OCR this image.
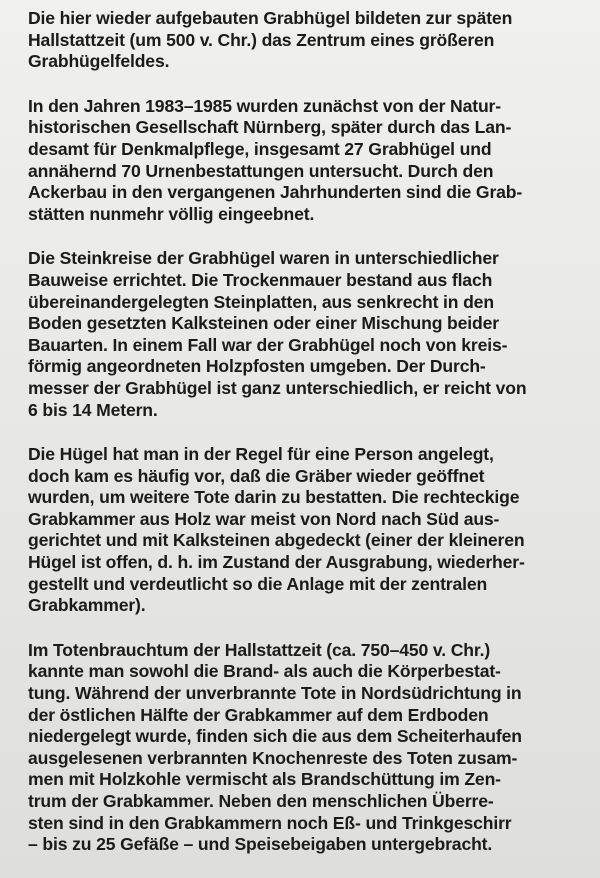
Die hier wieder aufgebauten Grabhügel bildeten zur späten
Hallstattzeit (um 500 v. Chr.) das Zentrum eines größeren
Grabhügelfeldes.
In den Jahren 1983–1985 wurden zunächst von der Natur-
historischen Gesellschaft Nürnberg, später durch das Lan-
desamt für Denkmalpflege, insgesamt 27 Grabhügel und
annähernd 70 Urnenbestattungen untersucht. Durch den
Ackerbau in den vergangenen Jahrhunderten sind die Grab-
stätten nunmehr völlig eingeebnet.
Die Steinkreise der Grabhügel waren in unterschiedlicher
Bauweise errichtet. Die Trockenmauer bestand aus flach
übereinandergelegten Steinplatten, aus senkrecht in den
Boden gesetzten Kalksteinen oder einer Mischung beider
Bauarten. In einem Fall war der Grabhügel noch von kreis-
förmig angeordneten Holzpfosten umgeben. Der Durch-
messer der Grabhügel ist ganz unterschiedlich, er reicht von
6 bis 14 Metern.
Die Hügel hat man in der Regel für eine Person angelegt,
doch kam es häufig vor, daß die Gräber wieder geöffnet
wurden, um weitere Tote darin zu bestatten. Die rechteckige
Grabkammer aus Holz war meist von Nord nach Süd aus-
gerichtet und mit Kalksteinen abgedeckt (einer der kleineren
Hügel ist offen, d. h. im Zustand der Ausgrabung, wiederher-
gestellt und verdeutlicht so die Anlage mit der zentralen
Grabkammer).
Im Totenbrauchtum der Hallstattzeit (ca. 750–450 v. Chr.)
kannte man sowohl die Brand- als auch die Körperbestat-
tung. Während der unverbrannte Tote in Nordsüdrichtung in
der östlichen Hälfte der Grabkammer auf dem Erdboden
niedergelegt wurde, finden sich die aus dem Scheiterhaufen
ausgelesenen verbrannten Knochenreste des Toten zusam-
men mit Holzkohle vermischt als Brandschüttung im Zen-
trum der Grabkammer. Neben den menschlichen Überre-
sten sind in den Grabkammern noch Eß- und Trinkgeschirr
– bis zu 25 Gefäße – und Speisebeigaben untergebracht.
